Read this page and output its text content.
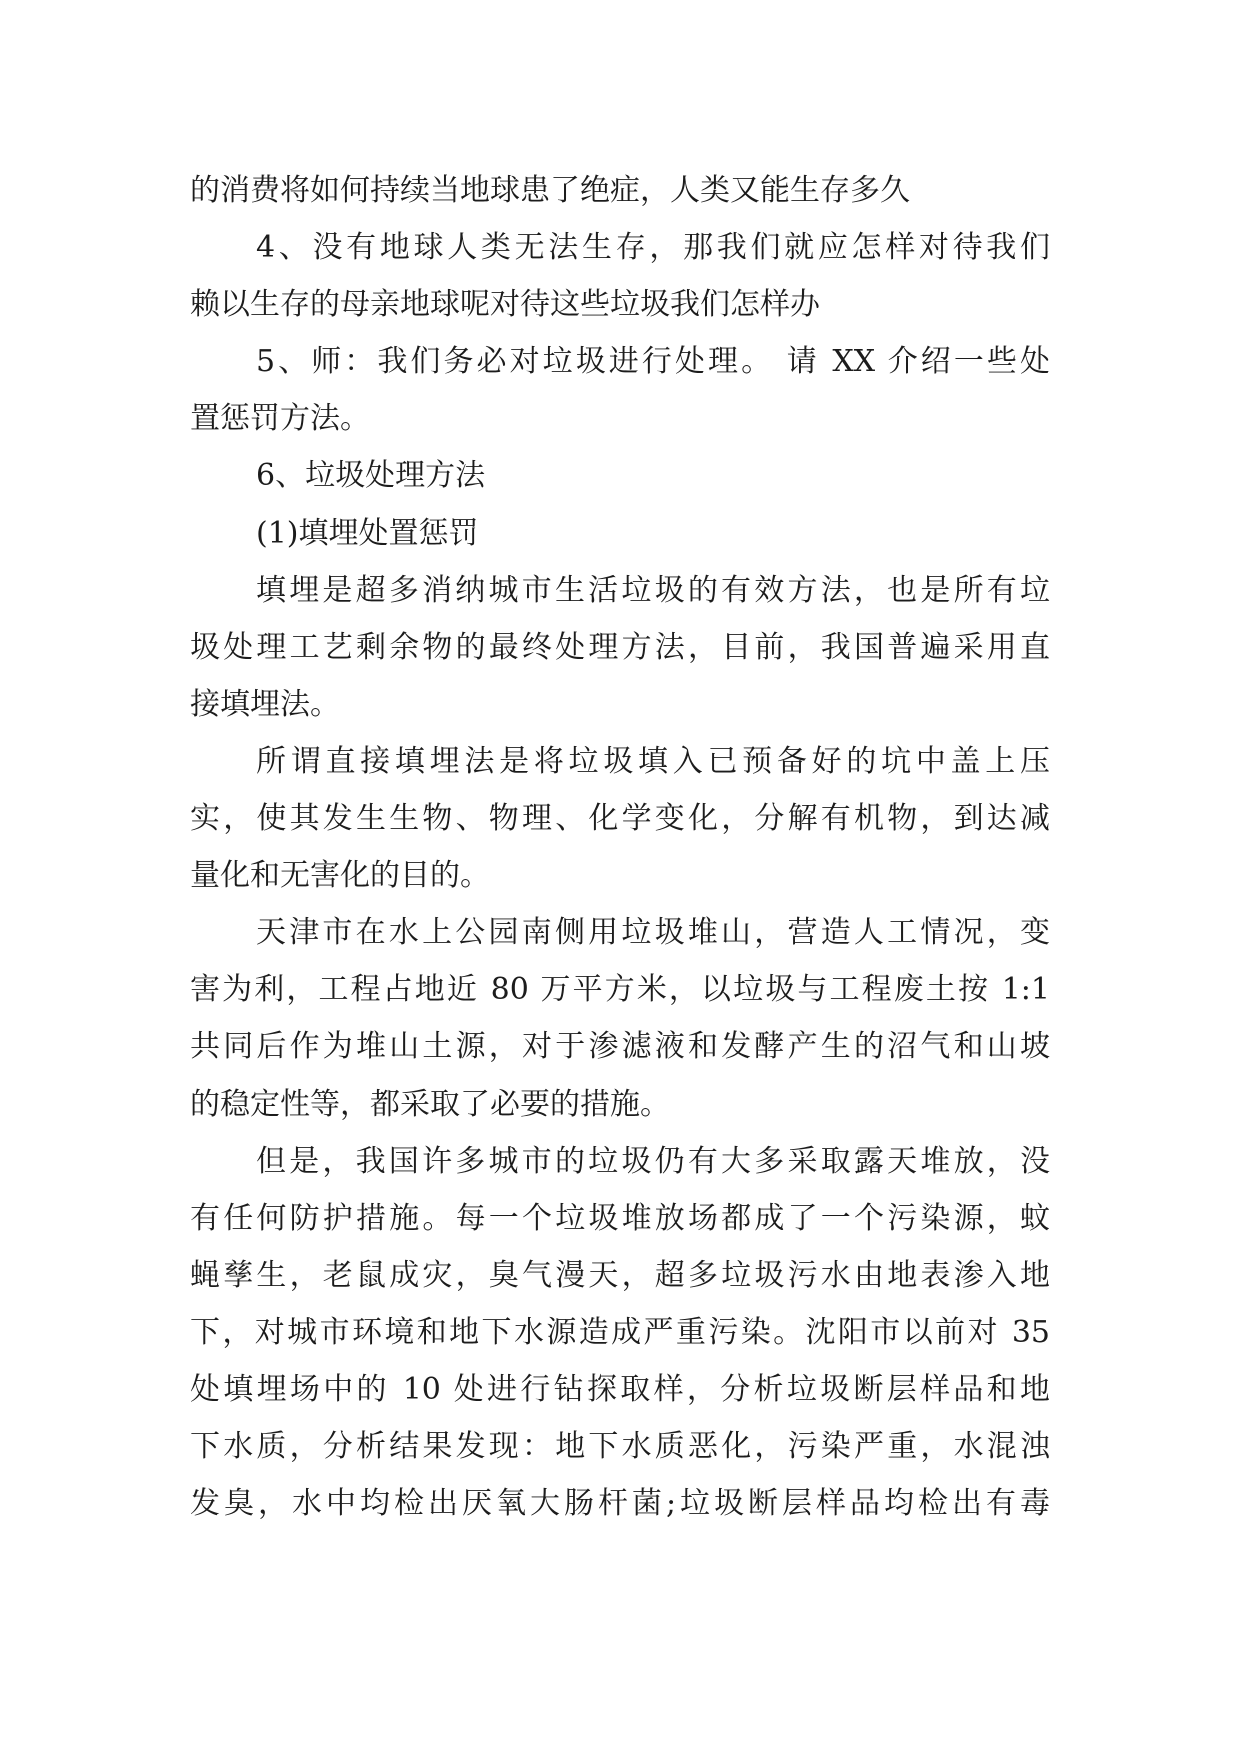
的消费将如何持续当地球患了绝症，人类又能生存多久
4、没有地球人类无法生存，那我们就应怎样对待我们
赖以生存的母亲地球呢对待这些垃圾我们怎样办
5、师：我们务必对垃圾进行处理。 请 XX 介绍一些处
置惩罚方法。
6、垃圾处理方法
(1)填埋处置惩罚
填埋是超多消纳城市生活垃圾的有效方法，也是所有垃
圾处理工艺剩余物的最终处理方法，目前，我国普遍采用直
接填埋法。
所谓直接填埋法是将垃圾填入已预备好的坑中盖上压
实，使其发生生物、物理、化学变化，分解有机物，到达减
量化和无害化的目的。
天津市在水上公园南侧用垃圾堆山，营造人工情况，变
害为利，工程占地近 80 万平方米，以垃圾与工程废土按 1:1
共同后作为堆山土源，对于渗滤液和发酵产生的沼气和山坡
的稳定性等，都采取了必要的措施。
但是，我国许多城市的垃圾仍有大多采取露天堆放，没
有任何防护措施。每一个垃圾堆放场都成了一个污染源，蚊
蝇孳生，老鼠成灾，臭气漫天，超多垃圾污水由地表渗入地
下，对城市环境和地下水源造成严重污染。沈阳市以前对 35
处填埋场中的 10 处进行钻探取样，分析垃圾断层样品和地
下水质，分析结果发现：地下水质恶化，污染严重，水混浊
发臭，水中均检出厌氧大肠杆菌;垃圾断层样品均检出有毒
